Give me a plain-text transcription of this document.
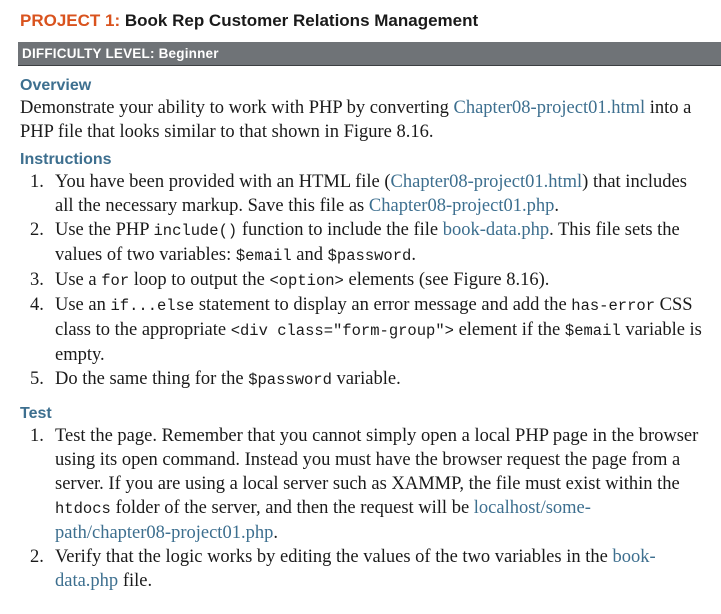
PROJECT 1: Book Rep Customer Relations Management
DIFFICULTY LEVEL: Beginner
Overview

Demonstrate your ability to work with PHP by converting Chapter08-project01.html into a PHP file that looks similar to that shown in Figure 8.16.

Instructions
1. You have been provided with an HTML file (Chapter08-project01.html) that includes all the necessary markup. Save this file as Chapter08-project01.php.
2. Use the PHP include() function to include the file book-data.php. This file sets the values of two variables: $email and $password.
3. Use a for loop to output the <option> elements (see Figure 8.16).
4. Use an if...else statement to display an error message and add the has-error CSS class to the appropriate <div class="form-group"> element if the $email variable is empty.
5. Do the same thing for the $password variable.
Test
1. Test the page. Remember that you cannot simply open a local PHP page in the browser using its open command. Instead you must have the browser request the page from a server. If you are using a local server such as XAMMP, the file must exist within the htdocs folder of the server, and then the request will be localhost/some-path/chapter08-project01.php.
2. Verify that the logic works by editing the values of the two variables in the book-data.php file.
